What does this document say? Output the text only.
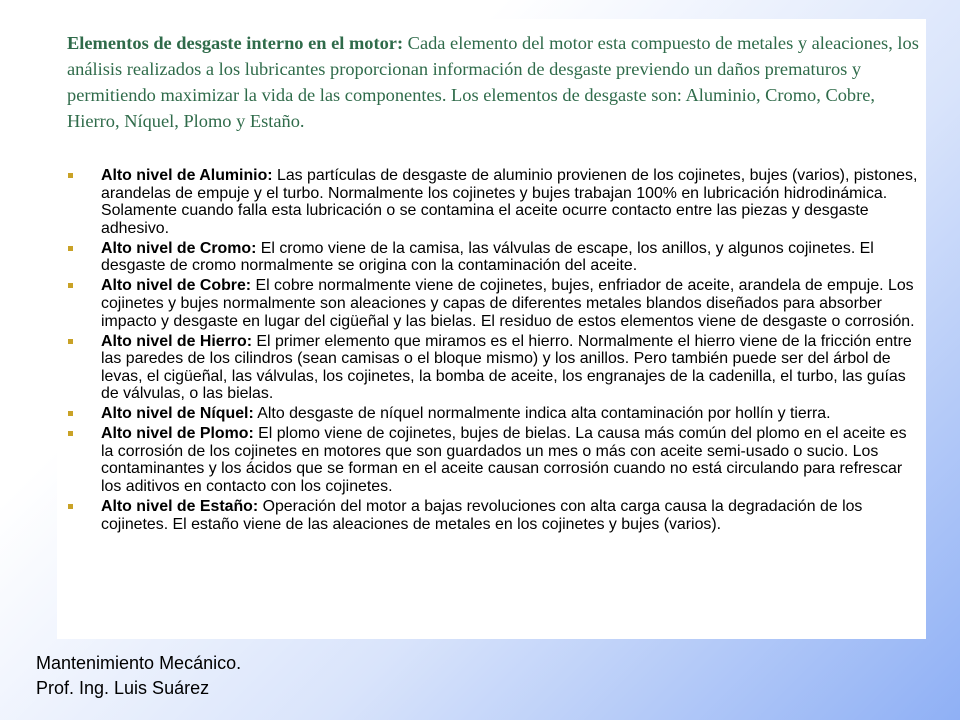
Elementos de desgaste interno en el motor: Cada elemento del motor esta compuesto de metales y aleaciones, los análisis realizados a los lubricantes proporcionan información de desgaste previendo un daños prematuros y permitiendo maximizar la vida de las componentes. Los elementos de desgaste son: Aluminio, Cromo, Cobre, Hierro, Níquel, Plomo y Estaño.

Alto nivel de Aluminio: Las partículas de desgaste de aluminio provienen de los cojinetes, bujes (varios), pistones, arandelas de empuje y el turbo. Normalmente los cojinetes y bujes trabajan 100% en lubricación hidrodinámica. Solamente cuando falla esta lubricación o se contamina el aceite ocurre contacto entre las piezas y desgaste adhesivo.
Alto nivel de Cromo: El cromo viene de la camisa, las válvulas de escape, los anillos, y algunos cojinetes. El desgaste de cromo normalmente se origina con la contaminación del aceite.
Alto nivel de Cobre: El cobre normalmente viene de cojinetes, bujes, enfriador de aceite, arandela de empuje. Los cojinetes y bujes normalmente son aleaciones y capas de diferentes metales blandos diseñados para absorber impacto y desgaste en lugar del cigüeñal y las bielas. El residuo de estos elementos viene de desgaste o corrosión.
Alto nivel de Hierro: El primer elemento que miramos es el hierro. Normalmente el hierro viene de la fricción entre las paredes de los cilindros (sean camisas o el bloque mismo) y los anillos. Pero también puede ser del árbol de levas, el cigüeñal, las válvulas, los cojinetes, la bomba de aceite, los engranajes de la cadenilla, el turbo, las guías de válvulas, o las bielas.
Alto nivel de Níquel: Alto desgaste de níquel normalmente indica alta contaminación por hollín y tierra.
Alto nivel de Plomo: El plomo viene de cojinetes, bujes de bielas. La causa más común del plomo en el aceite es la corrosión de los cojinetes en motores que son guardados un mes o más con aceite semi-usado o sucio. Los contaminantes y los ácidos que se forman en el aceite causan corrosión cuando no está circulando para refrescar los aditivos en contacto con los cojinetes.
Alto nivel de Estaño: Operación del motor a bajas revoluciones con alta carga causa la degradación de los cojinetes. El estaño viene de las aleaciones de metales en los cojinetes y bujes (varios).
Mantenimiento Mecánico.
Prof. Ing. Luis Suárez
